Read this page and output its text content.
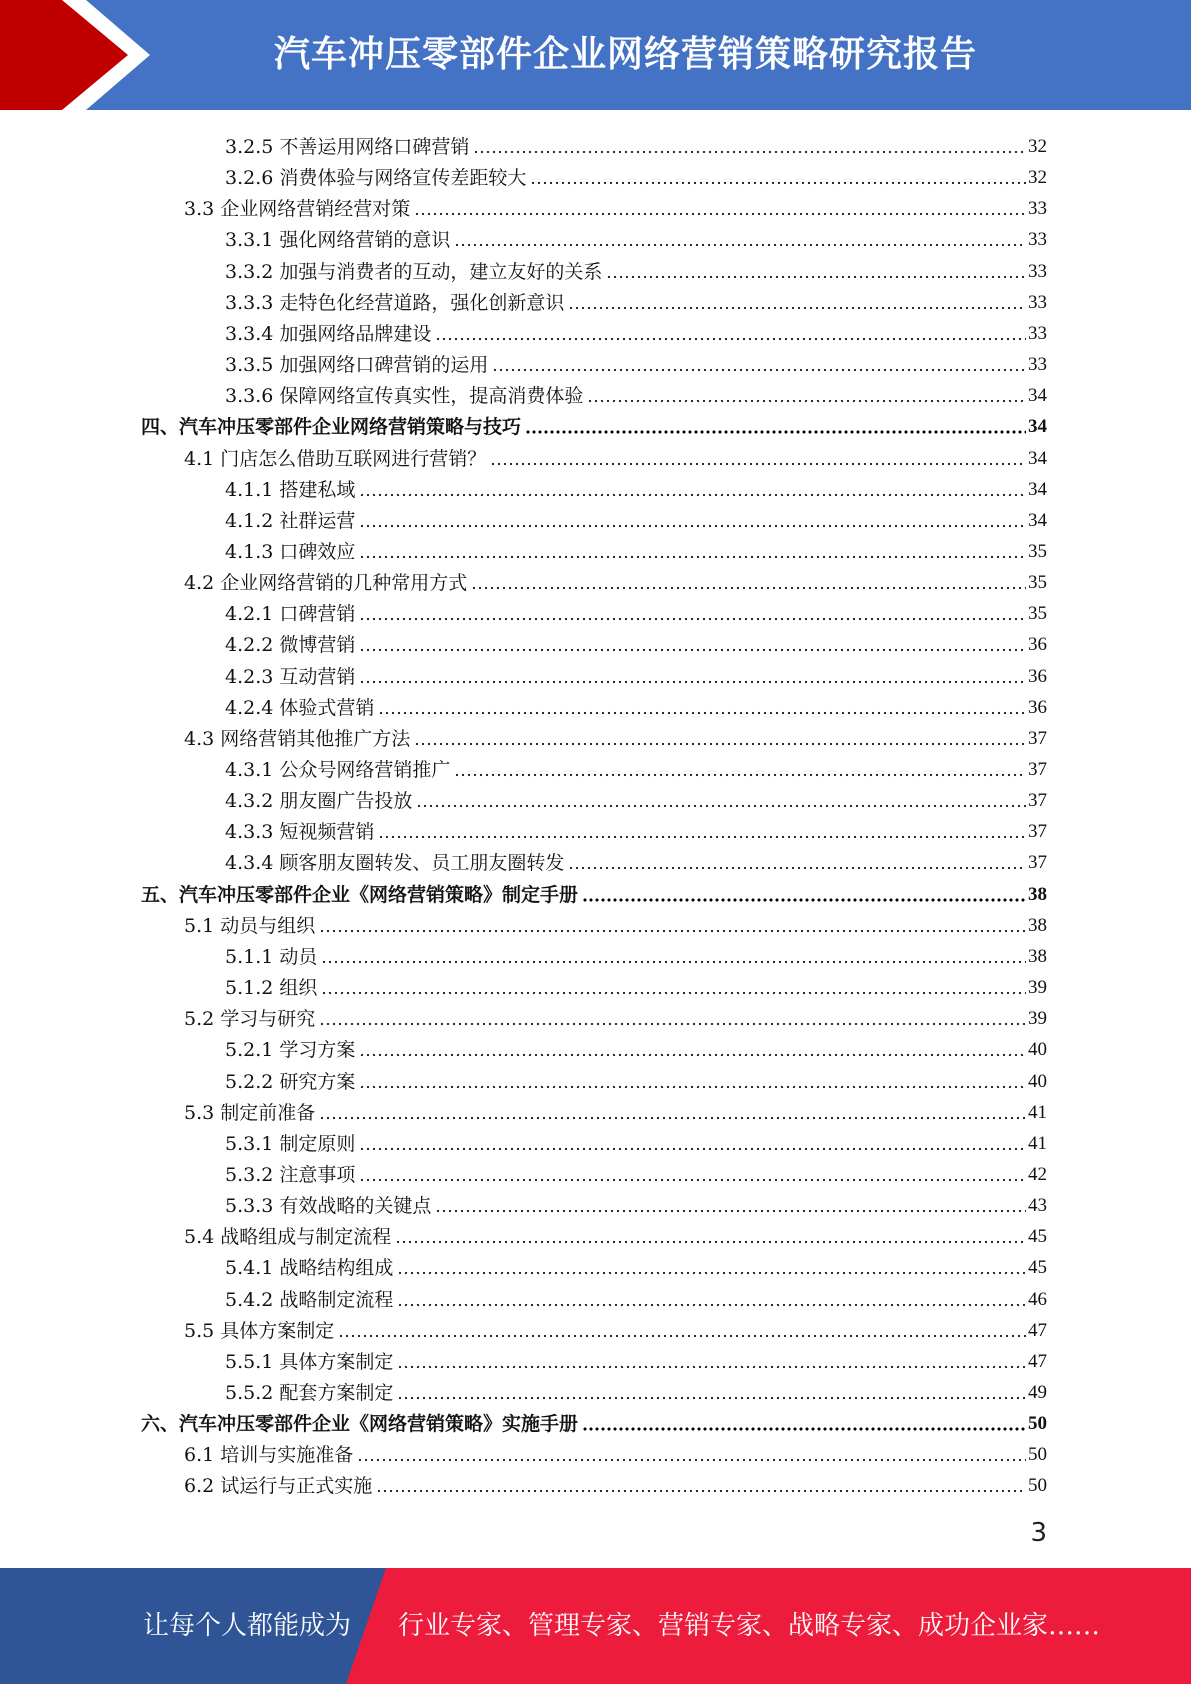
汽车冲压零部件企业网络营销策略研究报告
3.2.5 不善运用网络口碑营销	32
3.2.6 消费体验与网络宣传差距较大	32
3.3 企业网络营销经营对策	33
3.3.1 强化网络营销的意识	33
3.3.2 加强与消费者的互动，建立友好的关系	33
3.3.3 走特色化经营道路，强化创新意识	33
3.3.4 加强网络品牌建设	33
3.3.5 加强网络口碑营销的运用	33
3.3.6 保障网络宣传真实性，提高消费体验	34
四、汽车冲压零部件企业网络营销策略与技巧	34
4.1 门店怎么借助互联网进行营销？	34
4.1.1 搭建私域	34
4.1.2 社群运营	34
4.1.3 口碑效应	35
4.2 企业网络营销的几种常用方式	35
4.2.1 口碑营销	35
4.2.2 微博营销	36
4.2.3 互动营销	36
4.2.4 体验式营销	36
4.3 网络营销其他推广方法	37
4.3.1 公众号网络营销推广	37
4.3.2 朋友圈广告投放	37
4.3.3 短视频营销	37
4.3.4 顾客朋友圈转发、员工朋友圈转发	37
五、汽车冲压零部件企业《网络营销策略》制定手册	38
5.1 动员与组织	38
5.1.1 动员	38
5.1.2 组织	39
5.2 学习与研究	39
5.2.1 学习方案	40
5.2.2 研究方案	40
5.3 制定前准备	41
5.3.1 制定原则	41
5.3.2 注意事项	42
5.3.3 有效战略的关键点	43
5.4 战略组成与制定流程	45
5.4.1 战略结构组成	45
5.4.2 战略制定流程	46
5.5 具体方案制定	47
5.5.1 具体方案制定	47
5.5.2 配套方案制定	49
六、汽车冲压零部件企业《网络营销策略》实施手册	50
6.1 培训与实施准备	50
6.2 试运行与正式实施	50
3
让每个人都能成为 行业专家、管理专家、营销专家、战略专家、成功企业家……
